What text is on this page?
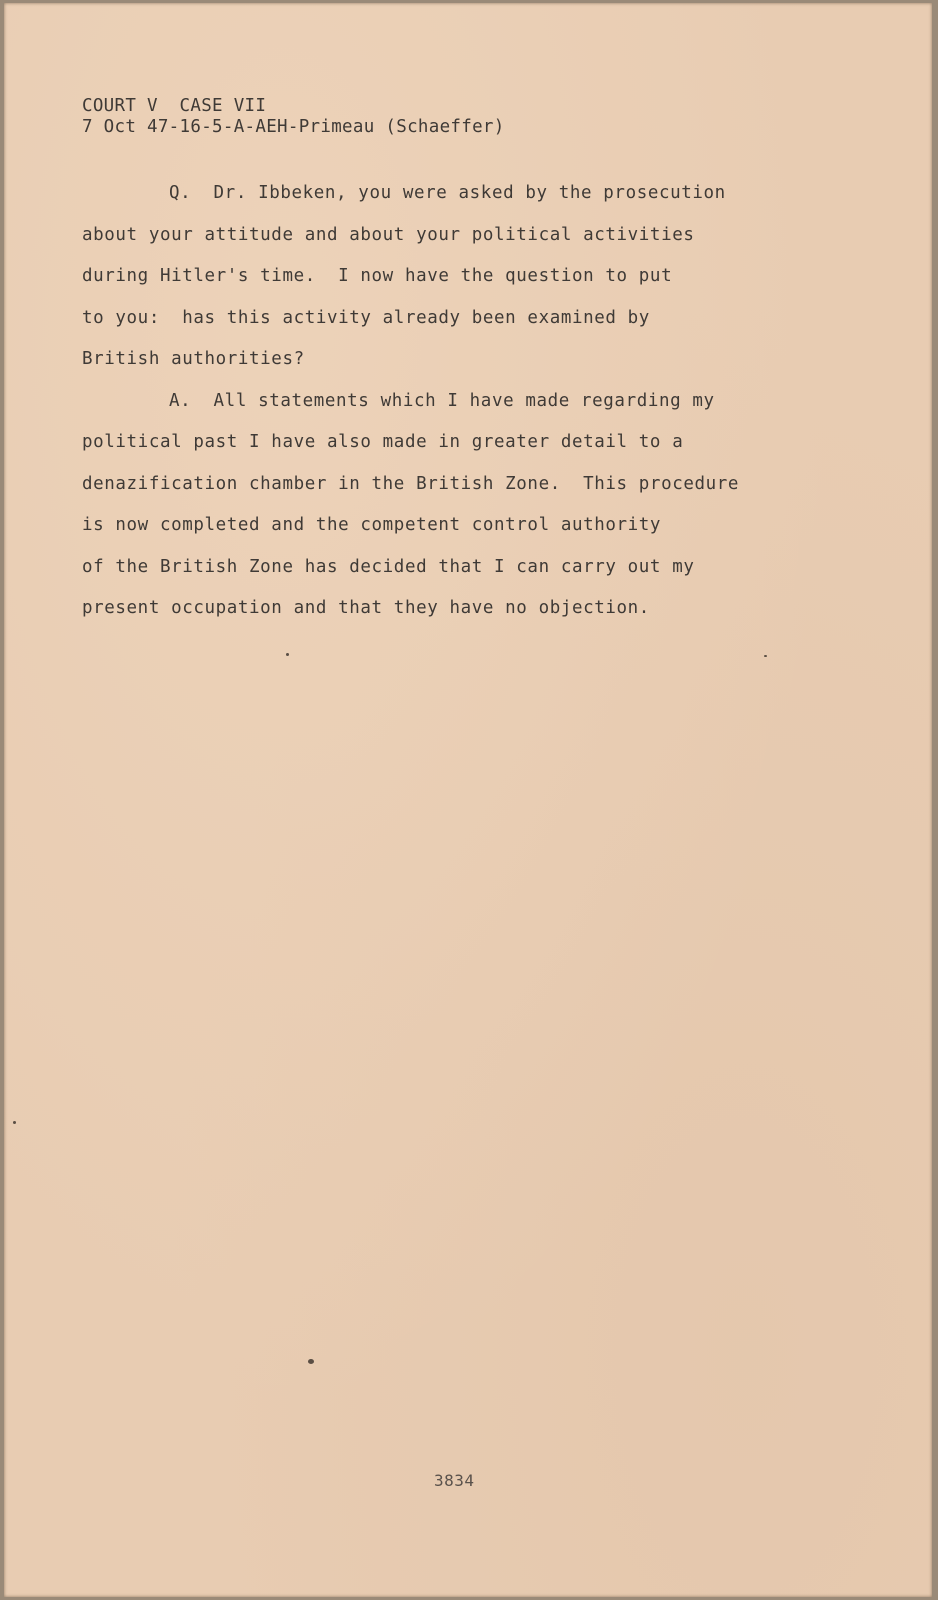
COURT V  CASE VII
7 Oct 47-16-5-A-AEH-Primeau (Schaeffer)
Q.  Dr. Ibbeken, you were asked by the prosecution
about your attitude and about your political activities
during Hitler's time.  I now have the question to put
to you:  has this activity already been examined by
British authorities?
A.  All statements which I have made regarding my
political past I have also made in greater detail to a
denazification chamber in the British Zone.  This procedure
is now completed and the competent control authority
of the British Zone has decided that I can carry out my
present occupation and that they have no objection.
3834
